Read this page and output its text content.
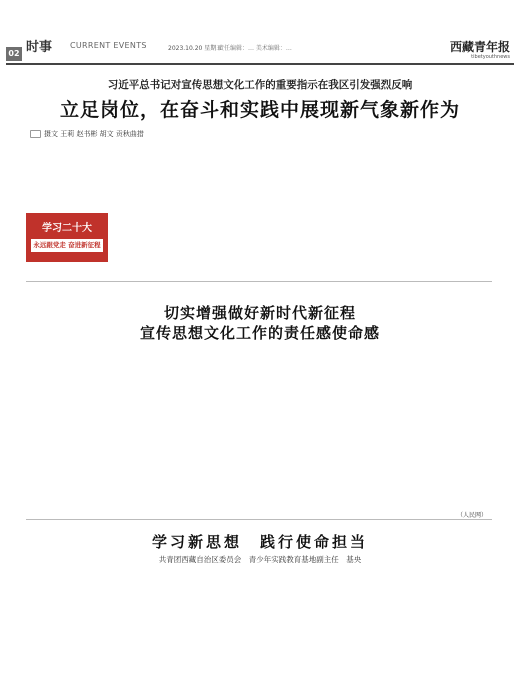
02 时事 CURRENT EVENTS	2023.10.20 星期五
责任编辑：… 美术编辑：…	西藏青年报
tibetyouthnews
习近平总书记对宣传思想文化工作的重要指示在我区引发强烈反响
立足岗位，在奋斗和实践中展现新气象新作为
摄文 王莉 赵书彬 胡文 贡秋曲措
学习二十大
永远跟党走 奋进新征程
切实增强做好新时代新征程
宣传思想文化工作的责任感使命感
（人民网）
学习新思想　践行使命担当
共青团西藏自治区委员会　青少年实践教育基地副主任　基央
